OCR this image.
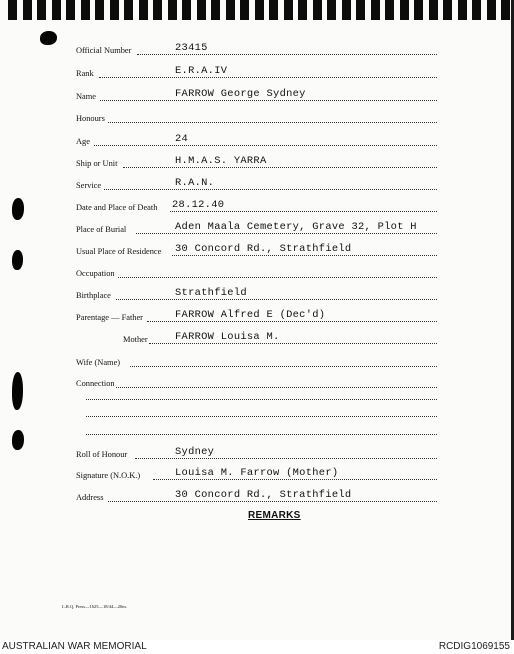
Official Number	23415
Rank	E.R.A.IV
Name	FARROW George Sydney
Honours
Age	24
Ship or Unit	H.M.A.S. YARRA
Service	R.A.N.
Date and Place of Death 28.12.40
Place of Burial	Aden Maala Cemetery, Grave 32, Plot H
Usual Place of Residence 30 Concord Rd., Strathfield
Occupation
Birthplace	Strathfield
Parentage — Father	FARROW Alfred E (Dec'd)
Mother	FARROW Louisa M.
Wife (Name)
Connection
Roll of Honour	Sydney
Signature (N.O.K.)	Louisa M. Farrow (Mother)
Address	30 Concord Rd., Strathfield
REMARKS
L.R.Q. Press—1625—18/44—20m.
AUSTRALIAN WAR MEMORIAL	RCDIG1069155
